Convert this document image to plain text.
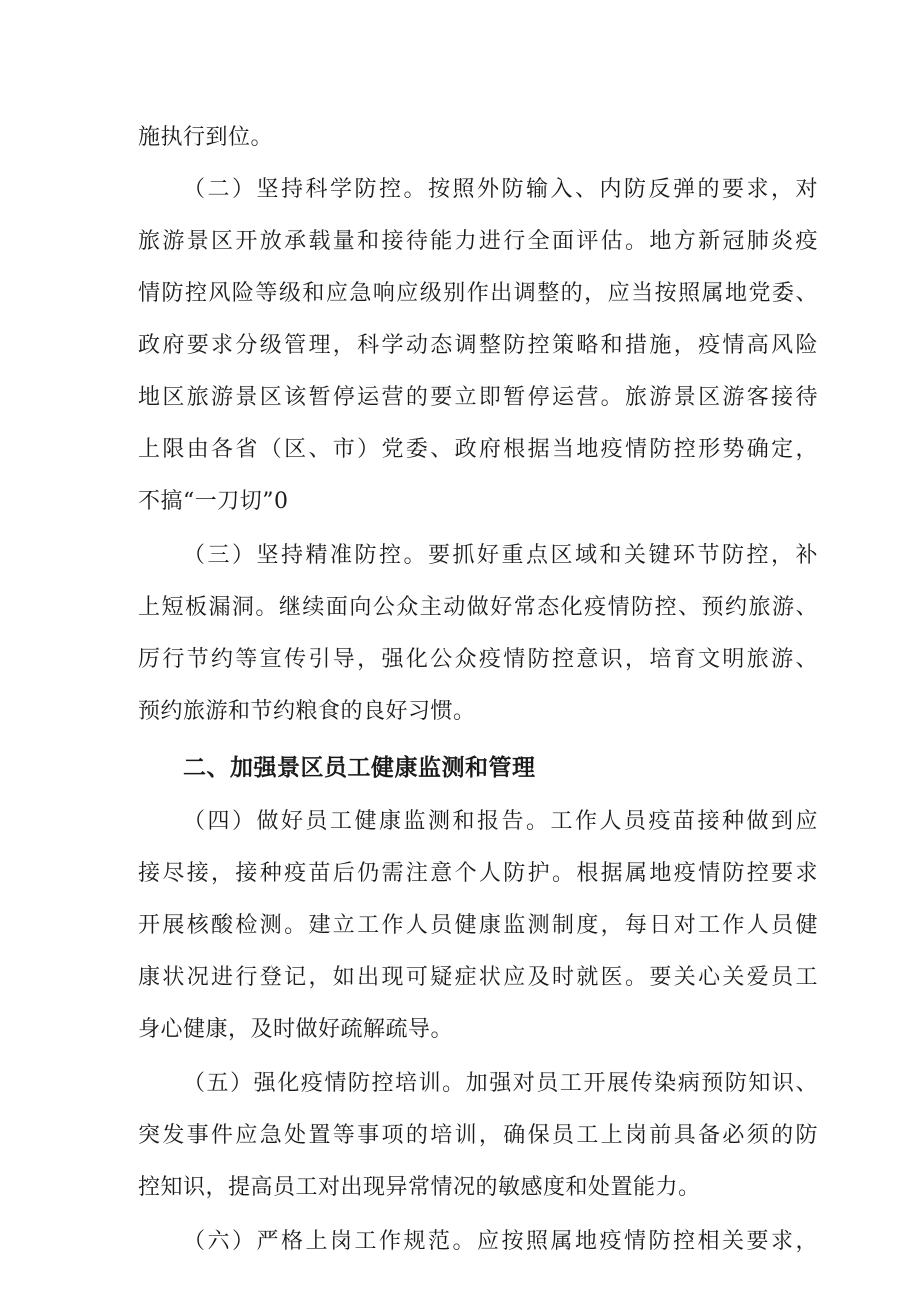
施执行到位。
（二）坚持科学防控。按照外防输入、内防反弹的要求，对
旅游景区开放承载量和接待能力进行全面评估。地方新冠肺炎疫
情防控风险等级和应急响应级别作出调整的，应当按照属地党委、
政府要求分级管理，科学动态调整防控策略和措施，疫情高风险
地区旅游景区该暂停运营的要立即暂停运营。旅游景区游客接待
上限由各省（区、市）党委、政府根据当地疫情防控形势确定，
不搞“一刀切”0
（三）坚持精准防控。要抓好重点区域和关键环节防控，补
上短板漏洞。继续面向公众主动做好常态化疫情防控、预约旅游、
厉行节约等宣传引导，强化公众疫情防控意识，培育文明旅游、
预约旅游和节约粮食的良好习惯。
二、加强景区员工健康监测和管理
（四）做好员工健康监测和报告。工作人员疫苗接种做到应
接尽接，接种疫苗后仍需注意个人防护。根据属地疫情防控要求
开展核酸检测。建立工作人员健康监测制度，每日对工作人员健
康状况进行登记，如出现可疑症状应及时就医。要关心关爱员工
身心健康，及时做好疏解疏导。
（五）强化疫情防控培训。加强对员工开展传染病预防知识、
突发事件应急处置等事项的培训，确保员工上岗前具备必须的防
控知识，提高员工对出现异常情况的敏感度和处置能力。
（六）严格上岗工作规范。应按照属地疫情防控相关要求，
